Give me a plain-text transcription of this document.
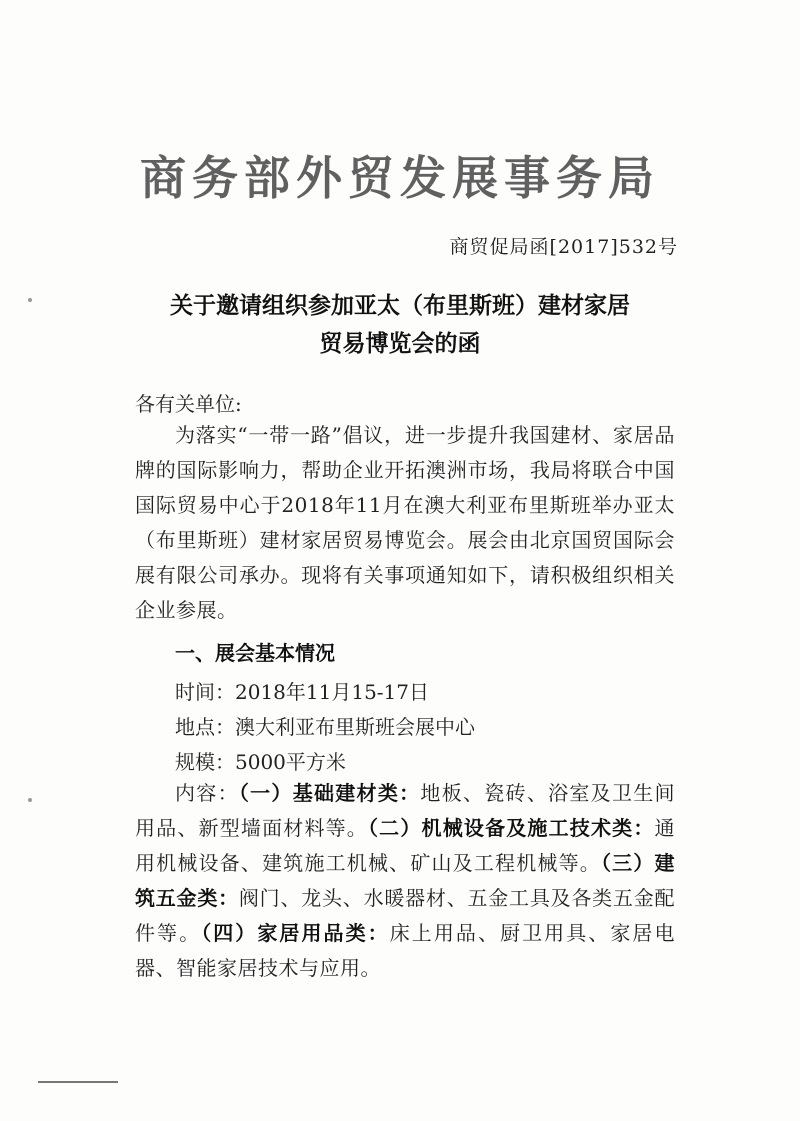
商务部外贸发展事务局
商贸促局函[2017]532号
关于邀请组织参加亚太（布里斯班）建材家居
贸易博览会的函
各有关单位:
为落实“一带一路”倡议，进一步提升我国建材、家居品牌的国际影响力，帮助企业开拓澳洲市场，我局将联合中国国际贸易中心于2018年11月在澳大利亚布里斯班举办亚太（布里斯班）建材家居贸易博览会。展会由北京国贸国际会展有限公司承办。现将有关事项通知如下，请积极组织相关企业参展。
一、展会基本情况
时间：2018年11月15-17日
地点：澳大利亚布里斯班会展中心
规模：5000平方米
内容：（一）基础建材类：地板、瓷砖、浴室及卫生间用品、新型墙面材料等。（二）机械设备及施工技术类：通用机械设备、建筑施工机械、矿山及工程机械等。（三）建筑五金类：阀门、龙头、水暖器材、五金工具及各类五金配件等。（四）家居用品类：床上用品、厨卫用具、家居电器、智能家居技术与应用。
